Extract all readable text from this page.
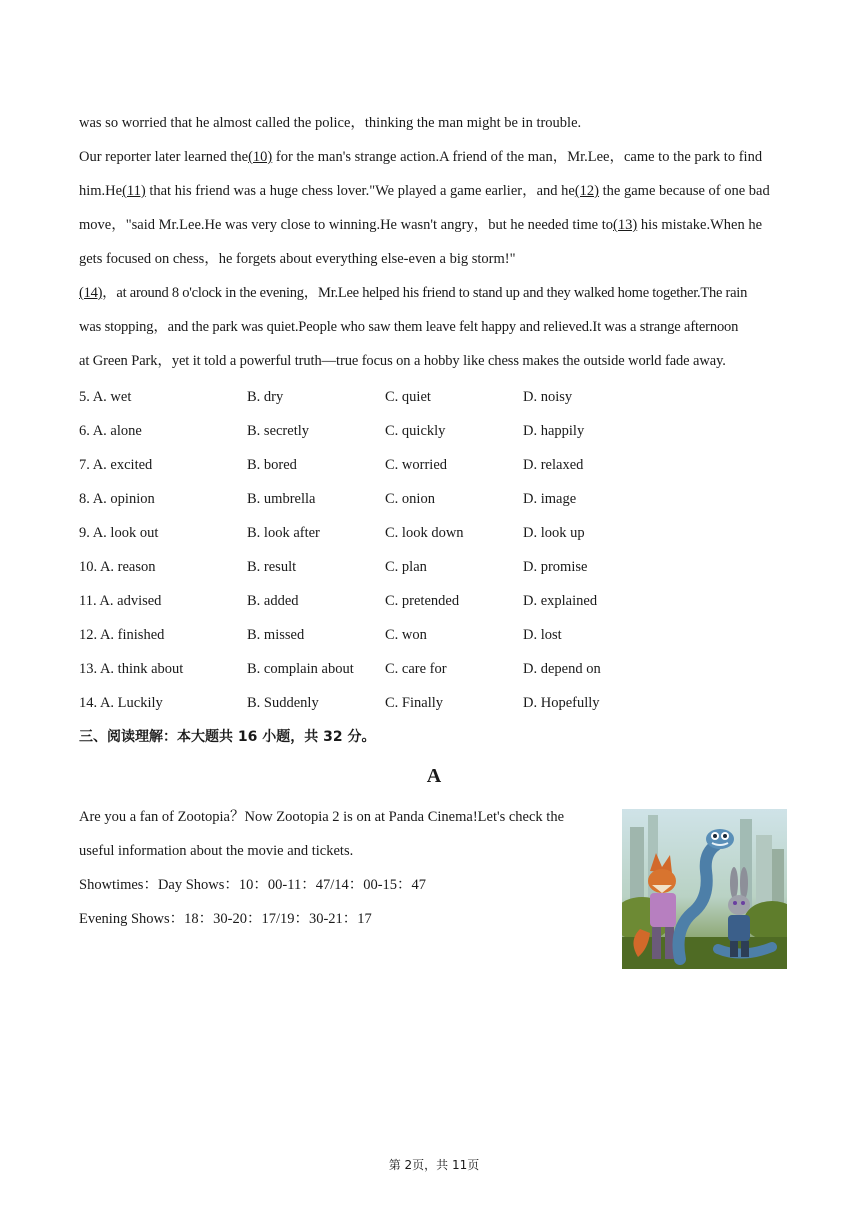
was so worried that he almost called the police，thinking the man might be in trouble.
Our reporter later learned the(10) for the man's strange action.A friend of the man，Mr.Lee，came to the park to find
him.He(11) that his friend was a huge chess lover."We played a game earlier，and he(12) the game because of one bad
move，"said Mr.Lee.He was very close to winning.He wasn't angry，but he needed time to(13) his mistake.When he
gets focused on chess，he forgets about everything else-even a big storm!"
(14)，at around 8 o'clock in the evening，Mr.Lee helped his friend to stand up and they walked home together.The rain
was stopping，and the park was quiet.People who saw them leave felt happy and relieved.It was a strange afternoon
at Green Park，yet it told a powerful truth—true focus on a hobby like chess makes the outside world fade away.
5. A. wet	B. dry	C. quiet	D. noisy
6. A. alone	B. secretly	C. quickly	D. happily
7. A. excited	B. bored	C. worried	D. relaxed
8. A. opinion	B. umbrella	C. onion	D. image
9. A. look out	B. look after	C. look down	D. look up
10. A. reason	B. result	C. plan	D. promise
11. A. advised	B. added	C. pretended	D. explained
12. A. finished	B. missed	C. won	D. lost
13. A. think about	B. complain about C. care for	D. depend on
14. A. Luckily	B. Suddenly	C. Finally	D. Hopefully
三、阅读理解：本大题共 16 小题，共 32 分。
A
Are you a fan of Zootopia？Now Zootopia 2 is on at Panda Cinema!Let's check the
useful information about the movie and tickets.
Showtimes：Day Shows：10：00-11：47/14：00-15：47
Evening Shows：18：30-20：17/19：30-21：17
第 2页，共 11页
